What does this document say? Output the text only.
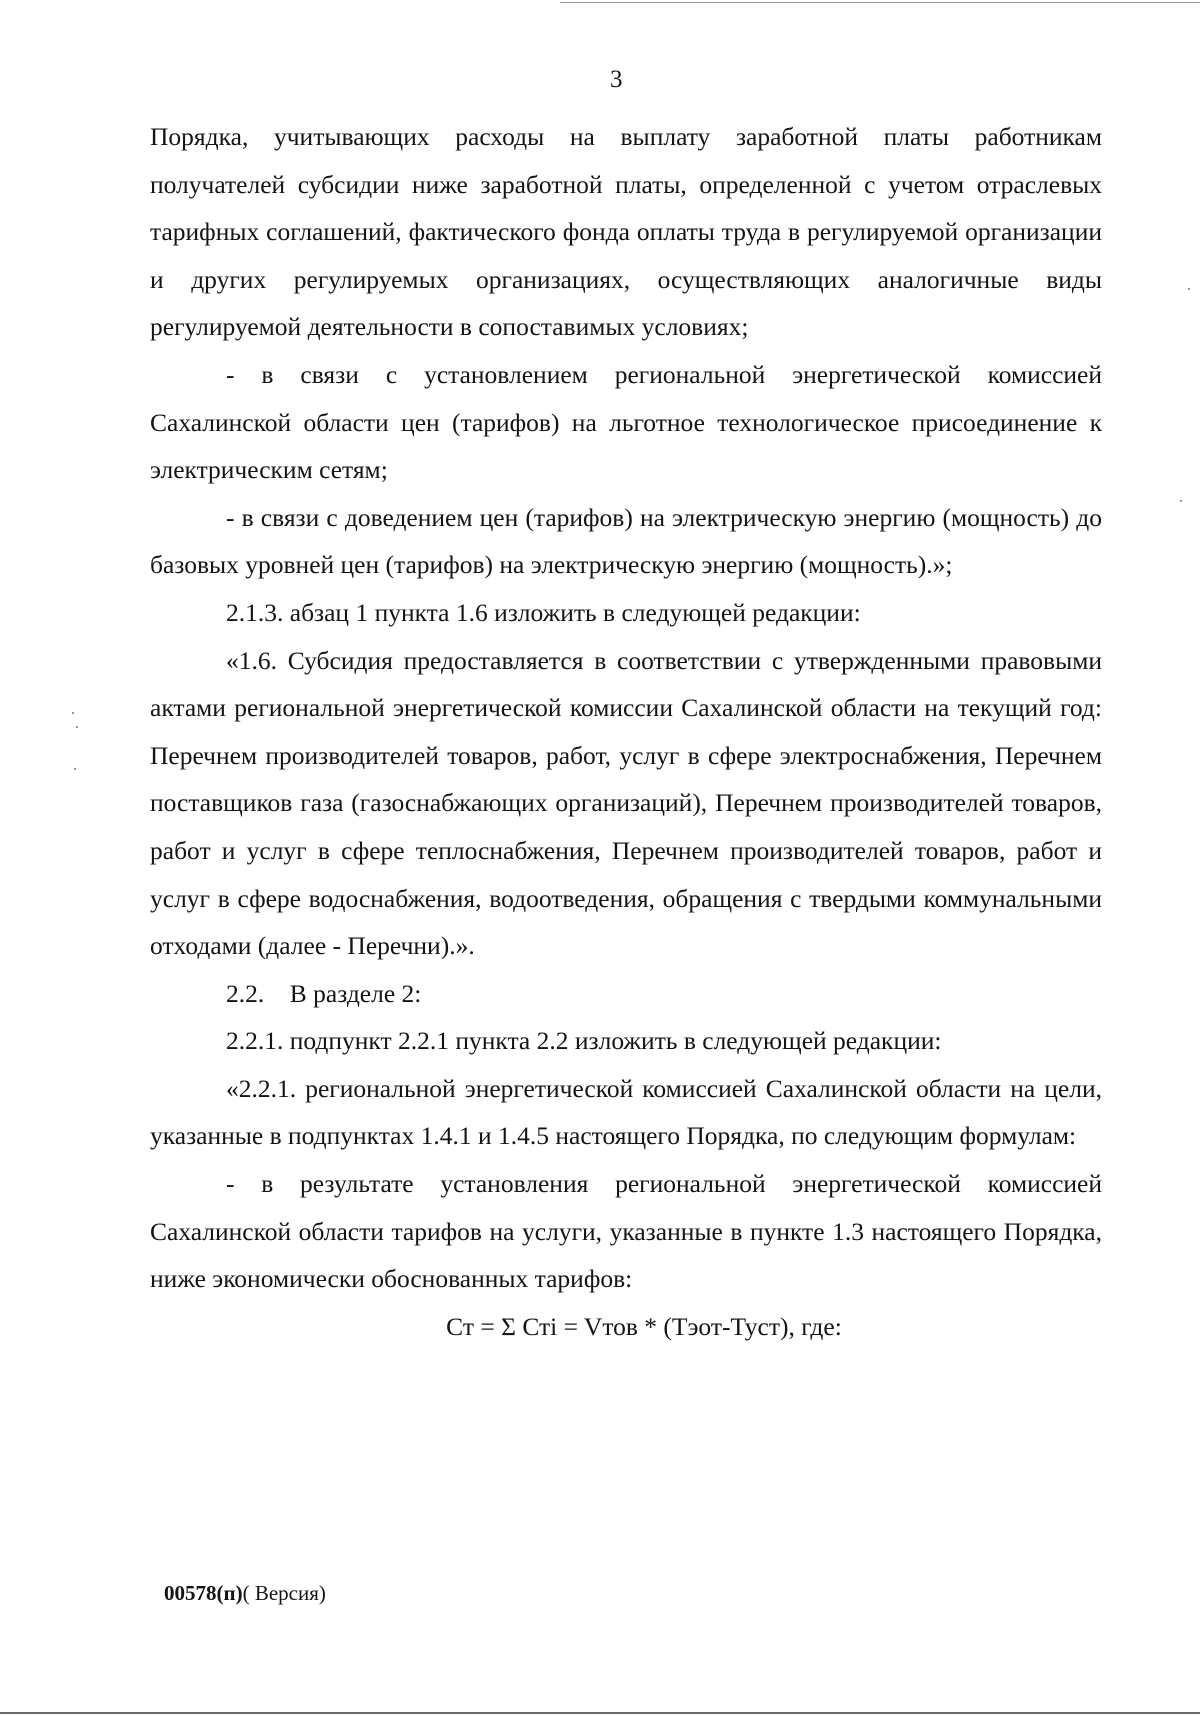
3

Порядка, учитывающих расходы на выплату заработной платы работникам получателей субсидии ниже заработной платы, определенной с учетом отраслевых тарифных соглашений, фактического фонда оплаты труда в регулируемой организации и других регулируемых организациях, осуществляющих аналогичные виды регулируемой деятельности в сопоставимых условиях;

- в связи с установлением региональной энергетической комиссией Сахалинской области цен (тарифов) на льготное технологическое присоединение к электрическим сетям;

- в связи с доведением цен (тарифов) на электрическую энергию (мощность) до базовых уровней цен (тарифов) на электрическую энергию (мощность).»;

2.1.3. абзац 1 пункта 1.6 изложить в следующей редакции:

«1.6. Субсидия предоставляется в соответствии с утвержденными правовыми актами региональной энергетической комиссии Сахалинской области на текущий год: Перечнем производителей товаров, работ, услуг в сфере электроснабжения, Перечнем поставщиков газа (газоснабжающих организаций), Перечнем производителей товаров, работ и услуг в сфере теплоснабжения, Перечнем производителей товаров, работ и услуг в сфере водоснабжения, водоотведения, обращения с твердыми коммунальными отходами (далее - Перечни).».

2.2.    В разделе 2:

2.2.1. подпункт 2.2.1 пункта 2.2 изложить в следующей редакции:

«2.2.1. региональной энергетической комиссией Сахалинской области на цели, указанные в подпунктах 1.4.1 и 1.4.5 настоящего Порядка, по следующим формулам:

- в результате установления региональной энергетической комиссией Сахалинской области тарифов на услуги, указанные в пункте 1.3 настоящего Порядка, ниже экономически обоснованных тарифов:

Ст = Σ Стi = Vтов * (Тэот-Туст), где:

00578(п)( Версия)
